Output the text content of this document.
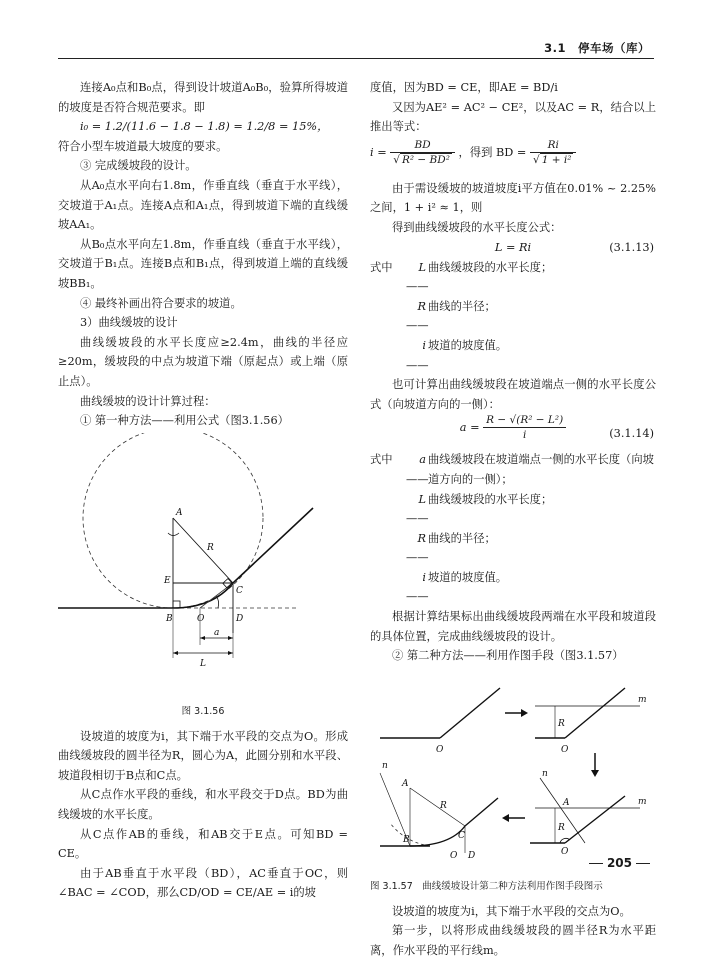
3.1　停车场（库）

连接A₀点和B₀点，得到设计坡道A₀B₀，验算所得坡道的坡度是否符合规范要求。即

i₀ = 1.2/(11.6 − 1.8 − 1.8) = 1.2/8 = 15%，

符合小型车坡道最大坡度的要求。

③ 完成缓坡段的设计。

从A₀点水平向右1.8m，作垂直线（垂直于水平线），交坡道于A₁点。连接A点和A₁点，得到坡道下端的直线缓坡AA₁。

从B₀点水平向左1.8m，作垂直线（垂直于水平线），交坡道于B₁点。连接B点和B₁点，得到坡道上端的直线缓坡BB₁。

④ 最终补画出符合要求的坡道。

3）曲线缓坡的设计

曲线缓坡段的水平长度应≥2.4m，曲线的半径应≥20m，缓坡段的中点为坡道下端（原起点）或上端（原止点）。

曲线缓坡的设计计算过程：

① 第一种方法——利用公式（图3.1.56）

A
R
E
C
B	O	D
a
L
图 3.1.56

设坡道的坡度为i，其下端于水平段的交点为O。形成曲线缓坡段的圆半径为R，圆心为A，此圆分别和水平段、坡道段相切于B点和C点。

从C点作水平段的垂线，和水平段交于D点。BD为曲线缓坡的水平长度。

从C点作AB的垂线，和AB交于E点。可知BD = CE。

由于AB垂直于水平段（BD），AC垂直于OC，则∠BAC = ∠COD，那么CD/OD = CE/AE = i的坡

度值，因为BD = CE，即AE = BD/i

又因为AE² = AC² − CE²，以及AC = R，结合以上推出等式：

$i = \frac{BD}{\text{√ R² − BD²}}$ ，得到 BD = $\frac{Ri}{\text{√ 1 + i²}}$

由于需设缓坡的坡道坡度i平方值在0.01% ~ 2.25%之间，1 + i² ≈ 1，则

得到曲线缓坡段的水平长度公式：

L = Ri	(3.1.13)
式中	L——
曲线缓坡段的水平长度；
R——
曲线的半径；
i——
坡道的坡度值。

也可计算出曲线缓坡段在坡道端点一侧的水平长度公式（向坡道方向的一侧）：

$a = \frac{\text{R − √(R² − L²)}}{i}$	(3.1.14)
式中	a——
曲线缓坡段在坡道端点一侧的水平长度（向坡道方向的一侧）；
L——
曲线缓坡段的水平长度；
R——
曲线的半径；
i——
坡道的坡度值。

根据计算结果标出曲线缓坡段两端在水平段和坡道段的具体位置，完成曲线缓坡段的设计。

② 第二种方法——利用作图手段（图3.1.57）

O
m
R
O
m
n
A
R
O
n
A
R
B	C
O D
图 3.1.57　曲线缓坡设计第二种方法利用作图手段图示

设坡道的坡度为i，其下端于水平段的交点为O。

第一步，以将形成曲线缓坡段的圆半径R为水平距离，作水平段的平行线m。

205
